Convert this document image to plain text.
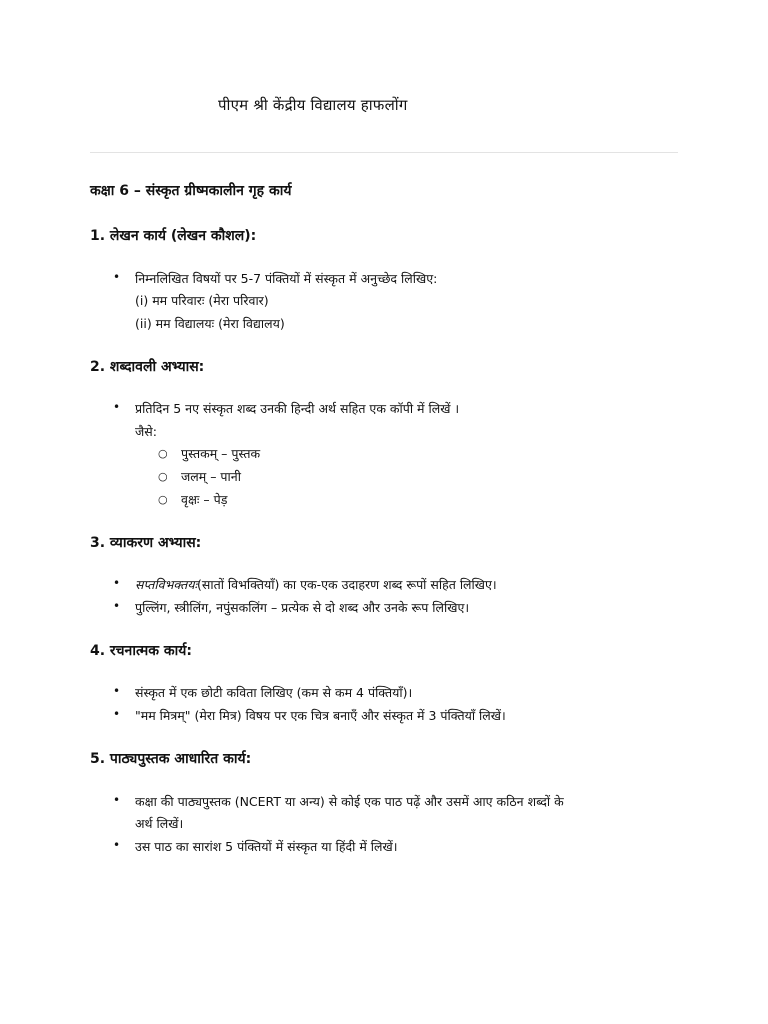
पीएम श्री केंद्रीय विद्यालय हाफलोंग
कक्षा 6 – संस्कृत ग्रीष्मकालीन गृह कार्य
1. लेखन कार्य (लेखन कौशल):
• निम्नलिखित विषयों पर 5-7 पंक्तियों में संस्कृत में अनुच्छेद लिखिए:
(i) मम परिवारः (मेरा परिवार)
(ii) मम विद्यालयः (मेरा विद्यालय)
2. शब्दावली अभ्यास:
• प्रतिदिन 5 नए संस्कृत शब्द उनकी हिन्दी अर्थ सहित एक कॉपी में लिखें ।
जैसे:
○ पुस्तकम् – पुस्तक
○ जलम् – पानी
○ वृक्षः – पेड़
3. व्याकरण अभ्यास:
• सप्तविभक्तयः(सातों विभक्तियाँ) का एक-एक उदाहरण शब्द रूपों सहित लिखिए।
• पुल्लिंग, स्त्रीलिंग, नपुंसकलिंग – प्रत्येक से दो शब्द और उनके रूप लिखिए।
4. रचनात्मक कार्य:
• संस्कृत में एक छोटी कविता लिखिए (कम से कम 4 पंक्तियाँ)।
• "मम मित्रम्" (मेरा मित्र) विषय पर एक चित्र बनाएँ और संस्कृत में 3 पंक्तियाँ लिखें।
5. पाठ्यपुस्तक आधारित कार्य:
• कक्षा की पाठ्यपुस्तक (NCERT या अन्य) से कोई एक पाठ पढ़ें और उसमें आए कठिन शब्दों के
अर्थ लिखें।
• उस पाठ का सारांश 5 पंक्तियों में संस्कृत या हिंदी में लिखें।
